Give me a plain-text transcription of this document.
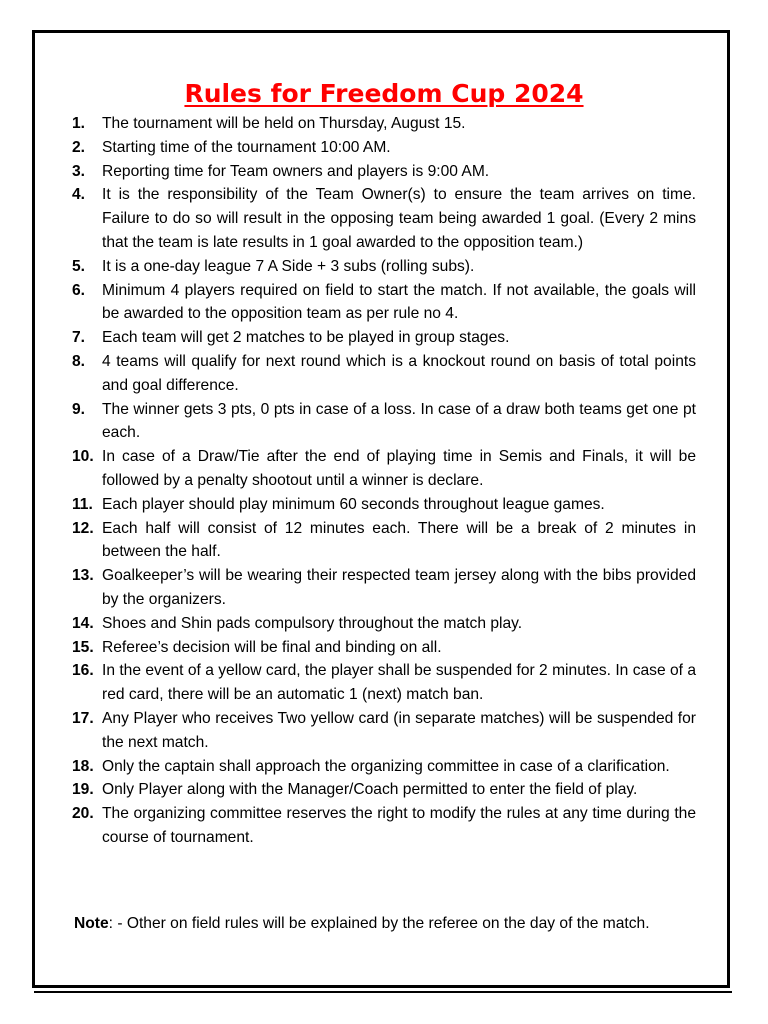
Rules for Freedom Cup 2024
1.	The tournament will be held on Thursday, August 15.
2.	Starting time of the tournament 10:00 AM.
3.	Reporting time for Team owners and players is 9:00 AM.
4.	It is the responsibility of the Team Owner(s) to ensure the team arrives on time. Failure to do so will result in the opposing team being awarded 1 goal. (Every 2 mins that the team is late results in 1 goal awarded to the opposition team.)
5.	It is a one-day league 7 A Side + 3 subs (rolling subs).
6.	Minimum 4 players required on field to start the match. If not available, the goals will be awarded to the opposition team as per rule no 4.
7.	Each team will get 2 matches to be played in group stages.
8.	4 teams will qualify for next round which is a knockout round on basis of total points and goal difference.
9.	The winner gets 3 pts, 0 pts in case of a loss. In case of a draw both teams get one pt each.
10. In case of a Draw/Tie after the end of playing time in Semis and Finals, it will be followed by a penalty shootout until a winner is declare.
11. Each player should play minimum 60 seconds throughout league games.
12. Each half will consist of 12 minutes each. There will be a break of 2 minutes in between the half.
13. Goalkeeper’s will be wearing their respected team jersey along with the bibs provided by the organizers.
14. Shoes and Shin pads compulsory throughout the match play.
15. Referee’s decision will be final and binding on all.
16. In the event of a yellow card, the player shall be suspended for 2 minutes. In case of a red card, there will be an automatic 1 (next) match ban.
17. Any Player who receives Two yellow card (in separate matches) will be suspended for the next match.
18. Only the captain shall approach the organizing committee in case of a clarification.
19. Only Player along with the Manager/Coach permitted to enter the field of play.
20. The organizing committee reserves the right to modify the rules at any time during the course of tournament.

Note: - Other on field rules will be explained by the referee on the day of the match.
